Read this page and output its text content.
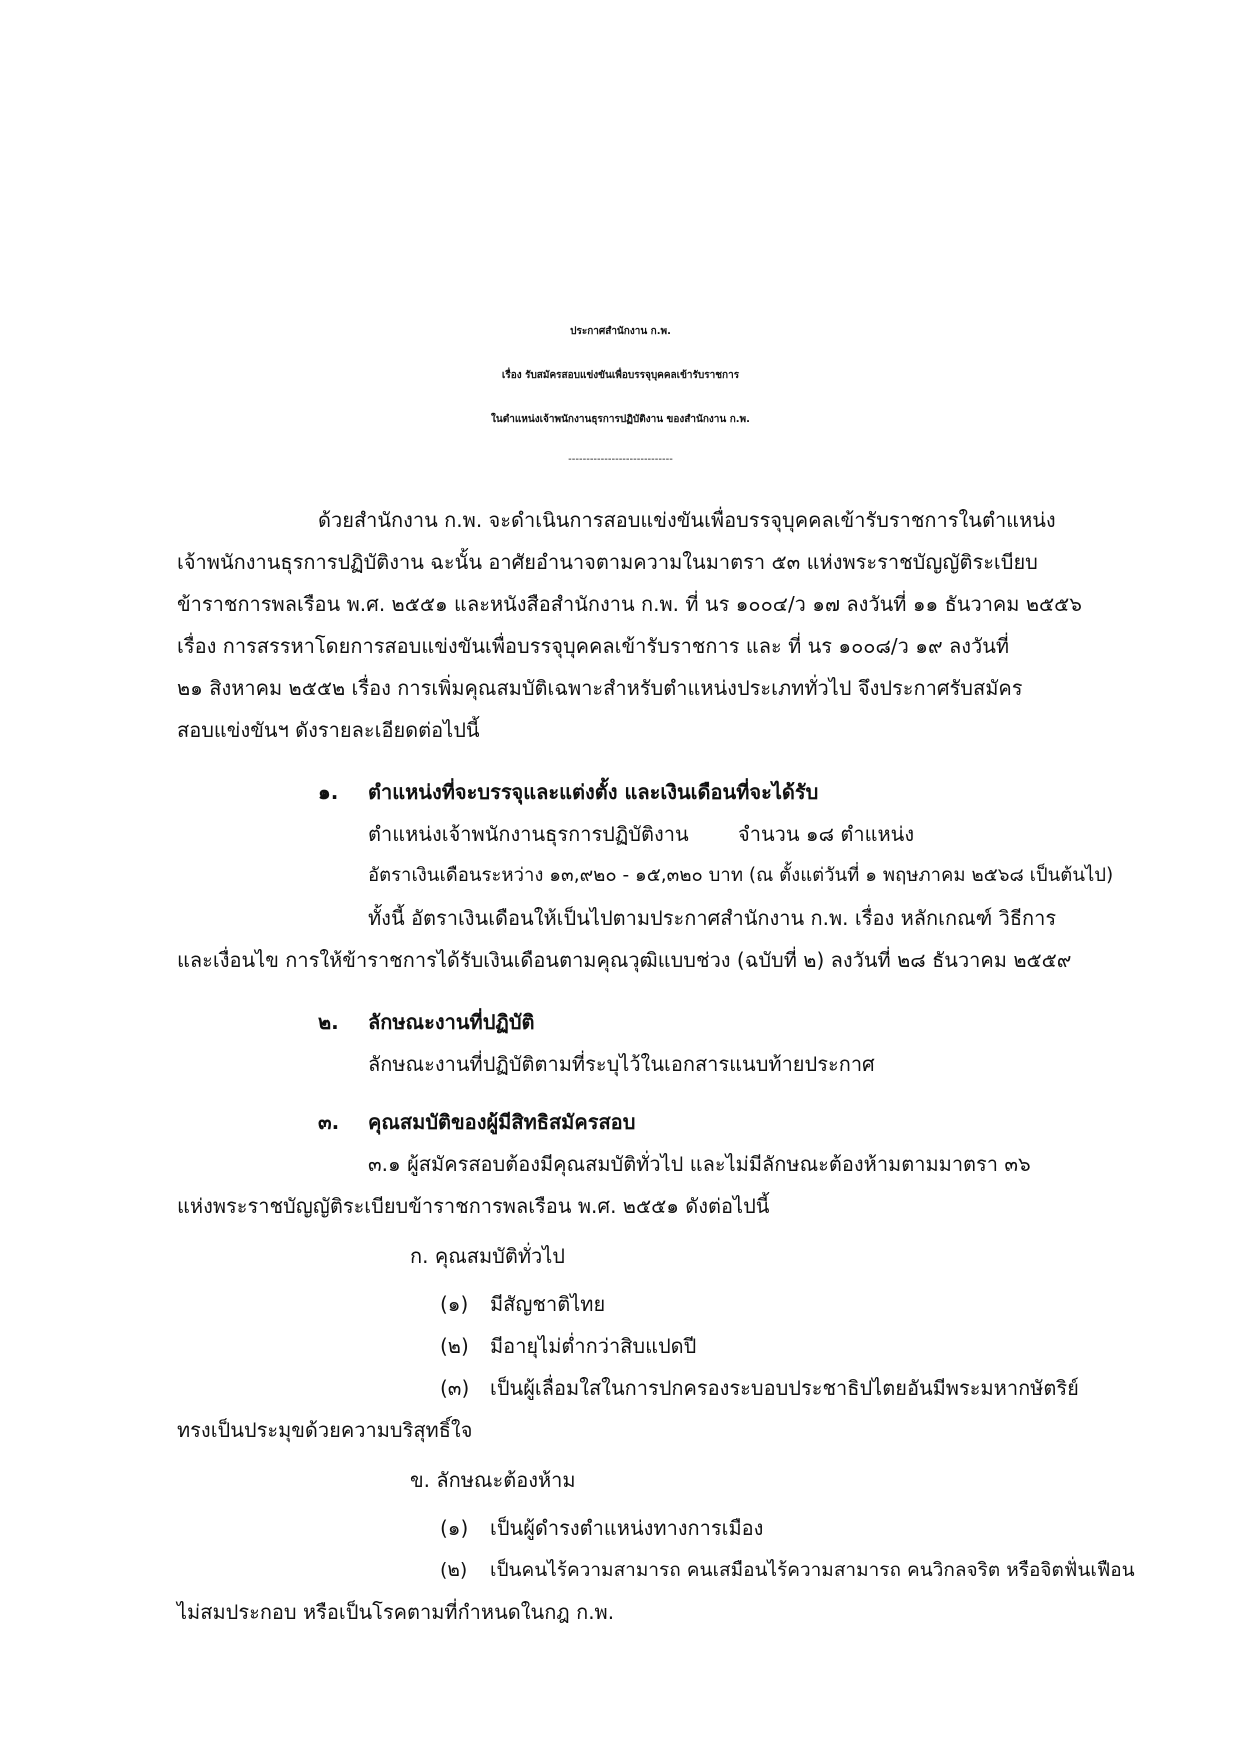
ประกาศสำนักงาน ก.พ.
เรื่อง รับสมัครสอบแข่งขันเพื่อบรรจุบุคคลเข้ารับราชการ
ในตำแหน่งเจ้าพนักงานธุรการปฏิบัติงาน ของสำนักงาน ก.พ.
-----------------------------
ด้วยสำนักงาน ก.พ. จะดำเนินการสอบแข่งขันเพื่อบรรจุบุคคลเข้ารับราชการในตำแหน่ง
เจ้าพนักงานธุรการปฏิบัติงาน ฉะนั้น อาศัยอำนาจตามความในมาตรา ๕๓ แห่งพระราชบัญญัติระเบียบ
ข้าราชการพลเรือน พ.ศ. ๒๕๕๑ และหนังสือสำนักงาน ก.พ. ที่ นร ๑๐๐๔/ว ๑๗ ลงวันที่ ๑๑ ธันวาคม ๒๕๕๖
เรื่อง การสรรหาโดยการสอบแข่งขันเพื่อบรรจุบุคคลเข้ารับราชการ และ ที่ นร ๑๐๐๘/ว ๑๙ ลงวันที่
๒๑ สิงหาคม ๒๕๕๒ เรื่อง การเพิ่มคุณสมบัติเฉพาะสำหรับตำแหน่งประเภททั่วไป จึงประกาศรับสมัคร
สอบแข่งขันฯ ดังรายละเอียดต่อไปนี้
๑. ตำแหน่งที่จะบรรจุและแต่งตั้ง และเงินเดือนที่จะได้รับ
ตำแหน่งเจ้าพนักงานธุรการปฏิบัติงาน จำนวน ๑๘ ตำแหน่ง
อัตราเงินเดือนระหว่าง ๑๓,๙๒๐ - ๑๕,๓๒๐ บาท (ณ ตั้งแต่วันที่ ๑ พฤษภาคม ๒๕๖๘ เป็นต้นไป)
ทั้งนี้ อัตราเงินเดือนให้เป็นไปตามประกาศสำนักงาน ก.พ. เรื่อง หลักเกณฑ์ วิธีการ
และเงื่อนไข การให้ข้าราชการได้รับเงินเดือนตามคุณวุฒิแบบช่วง (ฉบับที่ ๒) ลงวันที่ ๒๘ ธันวาคม ๒๕๕๙
๒. ลักษณะงานที่ปฏิบัติ
ลักษณะงานที่ปฏิบัติตามที่ระบุไว้ในเอกสารแนบท้ายประกาศ
๓. คุณสมบัติของผู้มีสิทธิสมัครสอบ
๓.๑ ผู้สมัครสอบต้องมีคุณสมบัติทั่วไป และไม่มีลักษณะต้องห้ามตามมาตรา ๓๖
แห่งพระราชบัญญัติระเบียบข้าราชการพลเรือน พ.ศ. ๒๕๕๑ ดังต่อไปนี้
ก. คุณสมบัติทั่วไป
(๑) มีสัญชาติไทย
(๒) มีอายุไม่ต่ำกว่าสิบแปดปี
(๓) เป็นผู้เลื่อมใสในการปกครองระบอบประชาธิปไตยอันมีพระมหากษัตริย์
ทรงเป็นประมุขด้วยความบริสุทธิ์ใจ
ข. ลักษณะต้องห้าม
(๑) เป็นผู้ดำรงตำแหน่งทางการเมือง
(๒) เป็นคนไร้ความสามารถ คนเสมือนไร้ความสามารถ คนวิกลจริต หรือจิตฟั่นเฟือน
ไม่สมประกอบ หรือเป็นโรคตามที่กำหนดในกฎ ก.พ.
